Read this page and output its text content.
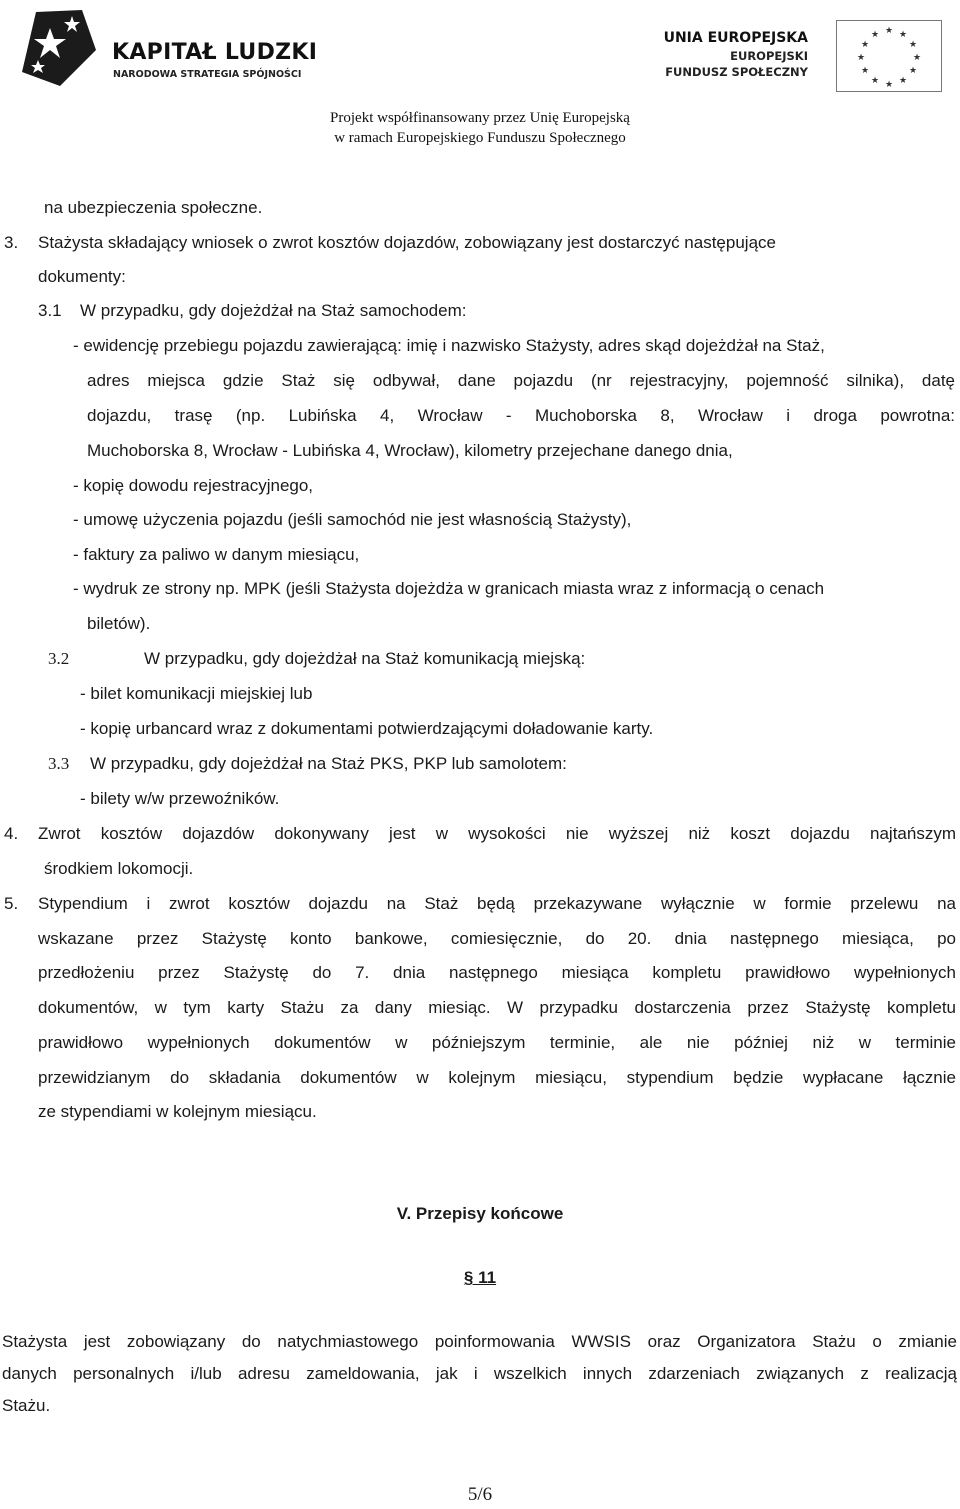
KAPITAŁ LUDZKI
NARODOWA STRATEGIA SPÓJNOŚCI
UNIA EUROPEJSKA
EUROPEJSKI
FUNDUSZ SPOŁECZNY
★ ★
★
★
★
★
★
★
★
★
★
★
Projekt współfinansowany przez Unię Europejską
w ramach Europejskiego Funduszu Społecznego
na ubezpieczenia społeczne.
3. Stażysta składający wniosek o zwrot kosztów dojazdów, zobowiązany jest dostarczyć następujące
dokumenty:
3.1 W przypadku, gdy dojeżdżał na Staż samochodem:
- ewidencję przebiegu pojazdu zawierającą: imię i nazwisko Stażysty, adres skąd dojeżdżał na Staż,
adres miejsca gdzie Staż się odbywał, dane pojazdu (nr rejestracyjny, pojemność silnika), datę
dojazdu, trasę (np. Lubińska 4, Wrocław - Muchoborska 8, Wrocław i droga powrotna:
Muchoborska 8, Wrocław - Lubińska 4, Wrocław), kilometry przejechane danego dnia,
- kopię dowodu rejestracyjnego,
- umowę użyczenia pojazdu (jeśli samochód nie jest własnością Stażysty),
- faktury za paliwo w danym miesiącu,
- wydruk ze strony np. MPK (jeśli Stażysta dojeżdża w granicach miasta wraz z informacją o cenach
biletów).
3.2	W przypadku, gdy dojeżdżał na Staż komunikacją miejską:
- bilet komunikacji miejskiej lub
- kopię urbancard wraz z dokumentami potwierdzającymi doładowanie karty.
3.3 W przypadku, gdy dojeżdżał na Staż PKS, PKP lub samolotem:
- bilety w/w przewoźników.
4. Zwrot kosztów dojazdów dokonywany jest w wysokości nie wyższej niż koszt dojazdu najtańszym
środkiem lokomocji.
5. Stypendium i zwrot kosztów dojazdu na Staż będą przekazywane wyłącznie w formie przelewu na
wskazane przez Stażystę konto bankowe, comiesięcznie, do 20. dnia następnego miesiąca, po
przedłożeniu przez Stażystę do 7. dnia następnego miesiąca kompletu prawidłowo wypełnionych
dokumentów, w tym karty Stażu za dany miesiąc. W przypadku dostarczenia przez Stażystę kompletu
prawidłowo wypełnionych dokumentów w późniejszym terminie, ale nie później niż w terminie
przewidzianym do składania dokumentów w kolejnym miesiącu, stypendium będzie wypłacane łącznie
ze stypendiami w kolejnym miesiącu.
V. Przepisy końcowe
§ 11
Stażysta jest zobowiązany do natychmiastowego poinformowania WWSIS oraz Organizatora Stażu o zmianie
danych personalnych i/lub adresu zameldowania, jak i wszelkich innych zdarzeniach związanych z realizacją
Stażu.
5/6
